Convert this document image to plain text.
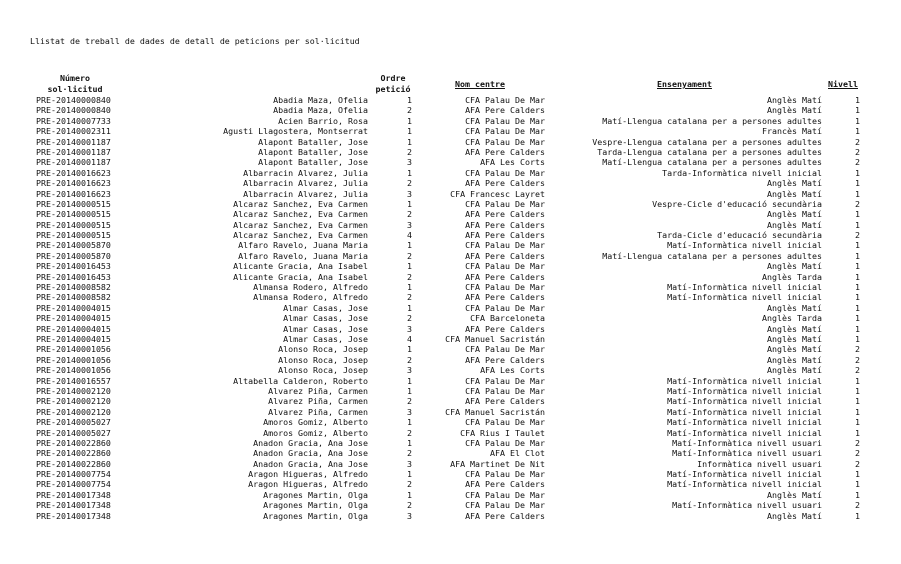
Llistat de treball de dades de detall de peticions per sol·licitud
Número
sol·licitud
Ordre
petició	Nom centre	Ensenyament	Nivell
PRE-20140000840	Abadia Maza, Ofelia	1	CFA Palau De Mar	Anglès Matí	1
PRE-20140000840	Abadia Maza, Ofelia	2	AFA Pere Calders	Anglès Matí	1
PRE-20140007733	Acien Barrio, Rosa	1	CFA Palau De Mar	Matí-Llengua catalana per a persones adultes	1
PRE-20140002311	Agusti Llagostera, Montserrat	1	CFA Palau De Mar	Francès Matí	1
PRE-20140001187	Alapont Bataller, Jose	1	CFA Palau De Mar	Vespre-Llengua catalana per a persones adultes	2
PRE-20140001187	Alapont Bataller, Jose	2	AFA Pere Calders	Tarda-Llengua catalana per a persones adultes	2
PRE-20140001187	Alapont Bataller, Jose	3	AFA Les Corts	Matí-Llengua catalana per a persones adultes	2
PRE-20140016623	Albarracin Alvarez, Julia	1	CFA Palau De Mar	Tarda-Informàtica nivell inicial	1
PRE-20140016623	Albarracin Alvarez, Julia	2	AFA Pere Calders	Anglès Matí	1
PRE-20140016623	Albarracin Alvarez, Julia	3	CFA Francesc Layret	Anglès Matí	1
PRE-20140000515	Alcaraz Sanchez, Eva Carmen	1	CFA Palau De Mar	Vespre-Cicle d'educació secundària	2
PRE-20140000515	Alcaraz Sanchez, Eva Carmen	2	AFA Pere Calders	Anglès Matí	1
PRE-20140000515	Alcaraz Sanchez, Eva Carmen	3	AFA Pere Calders	Anglès Matí	1
PRE-20140000515	Alcaraz Sanchez, Eva Carmen	4	AFA Pere Calders	Tarda-Cicle d'educació secundària	2
PRE-20140005870	Alfaro Ravelo, Juana Maria	1	CFA Palau De Mar	Matí-Informàtica nivell inicial	1
PRE-20140005870	Alfaro Ravelo, Juana Maria	2	AFA Pere Calders	Matí-Llengua catalana per a persones adultes	1
PRE-20140016453	Alicante Gracia, Ana Isabel	1	CFA Palau De Mar	Anglès Matí	1
PRE-20140016453	Alicante Gracia, Ana Isabel	2	AFA Pere Calders	Anglès Tarda	1
PRE-20140008582	Almansa Rodero, Alfredo	1	CFA Palau De Mar	Matí-Informàtica nivell inicial	1
PRE-20140008582	Almansa Rodero, Alfredo	2	AFA Pere Calders	Matí-Informàtica nivell inicial	1
PRE-20140004015	Almar Casas, Jose	1	CFA Palau De Mar	Anglès Matí	1
PRE-20140004015	Almar Casas, Jose	2	CFA Barceloneta	Anglès Tarda	1
PRE-20140004015	Almar Casas, Jose	3	AFA Pere Calders	Anglès Matí	1
PRE-20140004015	Almar Casas, Jose	4	CFA Manuel Sacristán	Anglès Matí	1
PRE-20140001056	Alonso Roca, Josep	1	CFA Palau De Mar	Anglès Matí	2
PRE-20140001056	Alonso Roca, Josep	2	AFA Pere Calders	Anglès Matí	2
PRE-20140001056	Alonso Roca, Josep	3	AFA Les Corts	Anglès Matí	2
PRE-20140016557	Altabella Calderon, Roberto	1	CFA Palau De Mar	Matí-Informàtica nivell inicial	1
PRE-20140002120	Alvarez Piña, Carmen	1	CFA Palau De Mar	Matí-Informàtica nivell inicial	1
PRE-20140002120	Alvarez Piña, Carmen	2	AFA Pere Calders	Matí-Informàtica nivell inicial	1
PRE-20140002120	Alvarez Piña, Carmen	3	CFA Manuel Sacristán	Matí-Informàtica nivell inicial	1
PRE-20140005027	Amoros Gomiz, Alberto	1	CFA Palau De Mar	Matí-Informàtica nivell inicial	1
PRE-20140005027	Amoros Gomiz, Alberto	2	CFA Rius I Taulet	Matí-Informàtica nivell inicial	1
PRE-20140022860	Anadon Gracia, Ana Jose	1	CFA Palau De Mar	Matí-Informàtica nivell usuari	2
PRE-20140022860	Anadon Gracia, Ana Jose	2	AFA El Clot	Matí-Informàtica nivell usuari	2
PRE-20140022860	Anadon Gracia, Ana Jose	3	AFA Martinet De Nit	Informàtica nivell usuari	2
PRE-20140007754	Aragon Higueras, Alfredo	1	CFA Palau De Mar	Matí-Informàtica nivell inicial	1
PRE-20140007754	Aragon Higueras, Alfredo	2	AFA Pere Calders	Matí-Informàtica nivell inicial	1
PRE-20140017348	Aragones Martin, Olga	1	CFA Palau De Mar	Anglès Matí	1
PRE-20140017348	Aragones Martin, Olga	2	CFA Palau De Mar	Matí-Informàtica nivell usuari	2
PRE-20140017348	Aragones Martin, Olga	3	AFA Pere Calders	Anglès Matí	1
